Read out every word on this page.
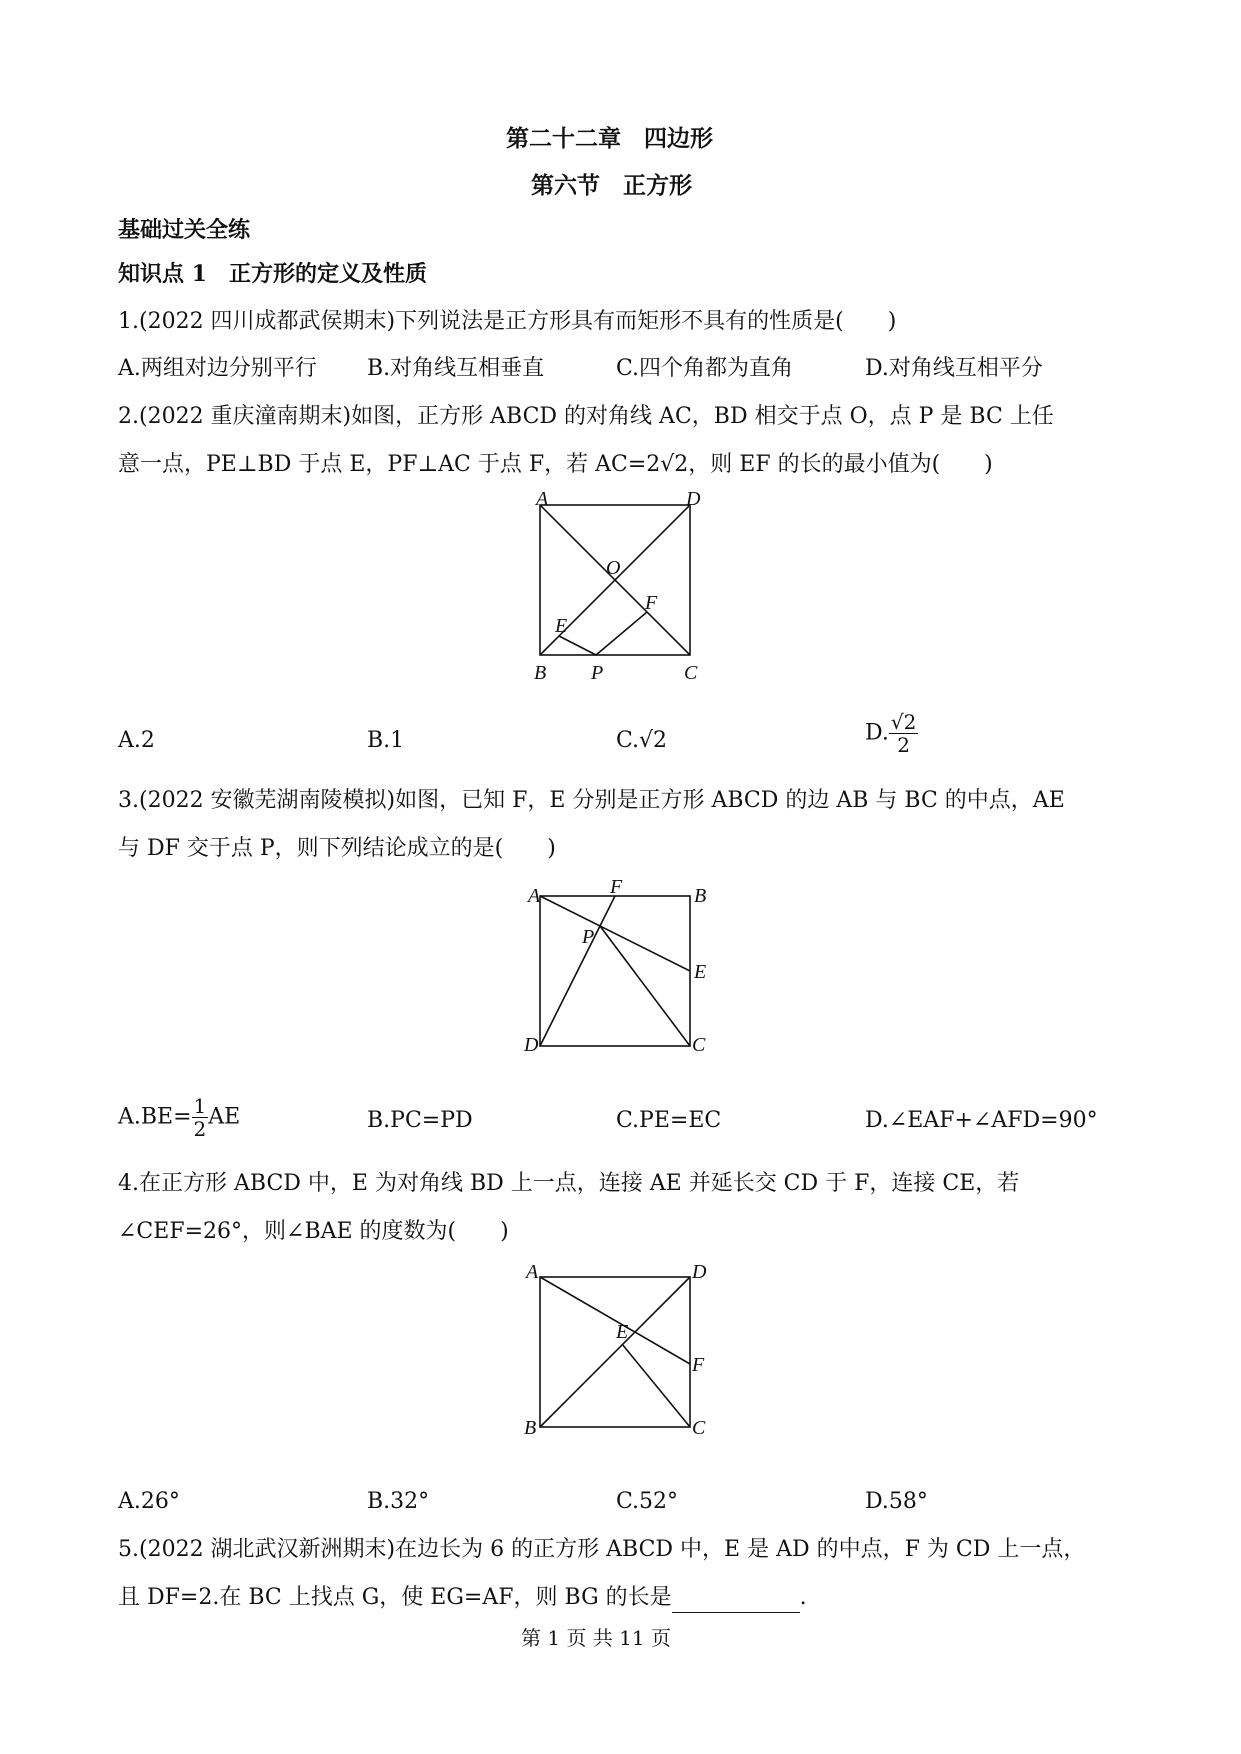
第二十二章　四边形
第六节　正方形
基础过关全练
知识点 1　正方形的定义及性质
1.(2022 四川成都武侯期末)下列说法是正方形具有而矩形不具有的性质是(　　)
A.两组对边分别平行 B.对角线互相垂直	C.四个角都为直角	D.对角线互相平分
2.(2022 重庆潼南期末)如图，正方形 ABCD 的对角线 AC，BD 相交于点 O，点 P 是 BC 上任
意一点，PE⊥BD 于点 E，PF⊥AC 于点 F，若 AC=2√2，则 EF 的长的最小值为(　　)
A	D
O
F
E
B P	C
A.2	B.1	C.√2	D. $\frac{√2}{2}$
3.(2022 安徽芜湖南陵模拟)如图，已知 F，E 分别是正方形 ABCD 的边 AB 与 BC 的中点，AE
与 DF 交于点 P，则下列结论成立的是(　　)
A	F	B
P
E
D	C
$A.BE= \frac{1}{2}$ AE	B.PC=PD	C.PE=EC	D.∠EAF+∠AFD=90°
4.在正方形 ABCD 中，E 为对角线 BD 上一点，连接 AE 并延长交 CD 于 F，连接 CE，若
∠CEF=26°，则∠BAE 的度数为(　　)
A	D
E
F
B	C
A.26°	B.32°	C.52°	D.58°
5.(2022 湖北武汉新洲期末)在边长为 6 的正方形 ABCD 中，E 是 AD 的中点，F 为 CD 上一点，
且 DF=2.在 BC 上找点 G，使 EG=AF，则 BG 的长是	.
第 1 页 共 11 页
